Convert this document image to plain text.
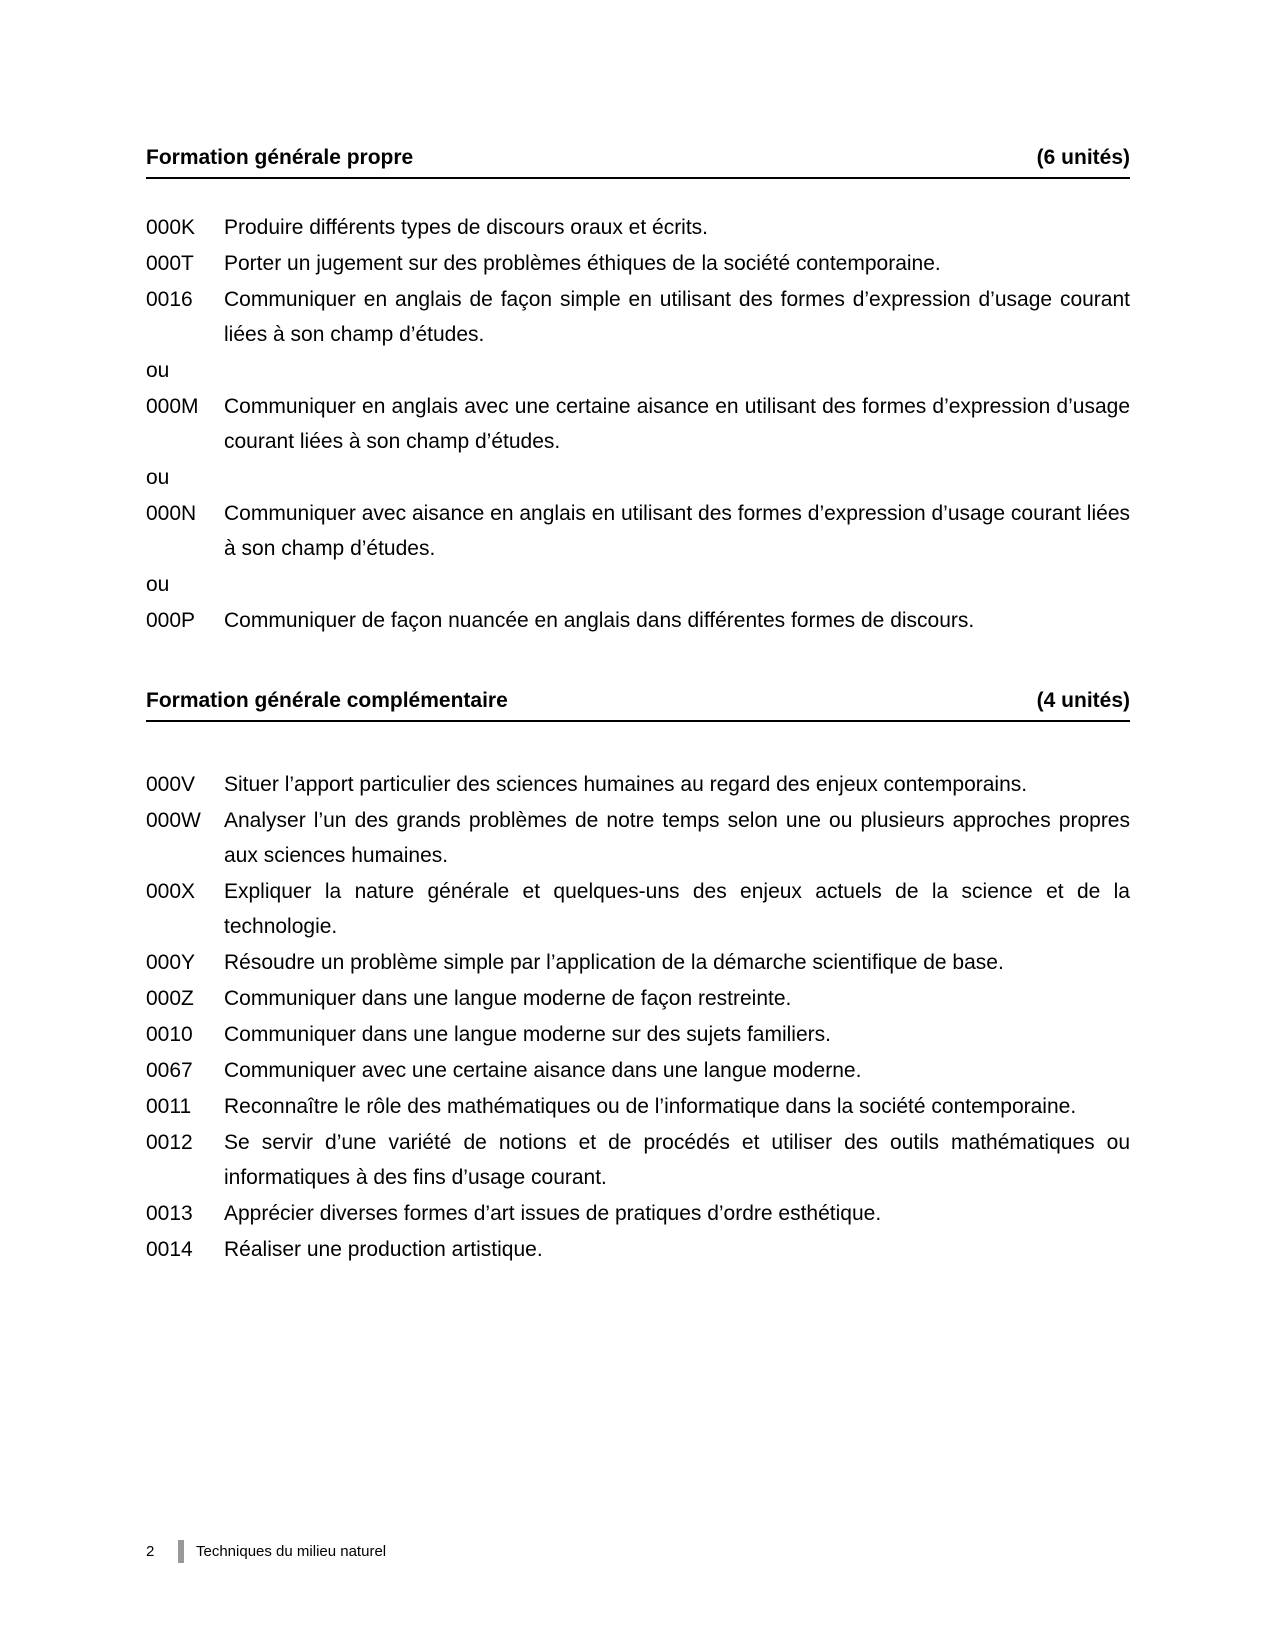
Formation générale propre	(6 unités)
000K	Produire différents types de discours oraux et écrits.
000T	Porter un jugement sur des problèmes éthiques de la société contemporaine.
0016	Communiquer en anglais de façon simple en utilisant des formes d’expression d’usage courant liées à son champ d’études.
ou
000M	Communiquer en anglais avec une certaine aisance en utilisant des formes d’expression d’usage courant liées à son champ d’études.
ou
000N	Communiquer avec aisance en anglais en utilisant des formes d’expression d’usage courant liées à son champ d’études.
ou
000P	Communiquer de façon nuancée en anglais dans différentes formes de discours.
Formation générale complémentaire	(4 unités)
000V	Situer l’apport particulier des sciences humaines au regard des enjeux contemporains.
000W	Analyser l’un des grands problèmes de notre temps selon une ou plusieurs approches propres aux sciences humaines.
000X	Expliquer la nature générale et quelques-uns des enjeux actuels de la science et de la technologie.
000Y	Résoudre un problème simple par l’application de la démarche scientifique de base.
000Z	Communiquer dans une langue moderne de façon restreinte.
0010	Communiquer dans une langue moderne sur des sujets familiers.
0067	Communiquer avec une certaine aisance dans une langue moderne.
0011	Reconnaître le rôle des mathématiques ou de l’informatique dans la société contemporaine.
0012	Se servir d’une variété de notions et de procédés et utiliser des outils mathématiques ou informatiques à des fins d’usage courant.
0013	Apprécier diverses formes d’art issues de pratiques d’ordre esthétique.
0014	Réaliser une production artistique.
2	Techniques du milieu naturel
